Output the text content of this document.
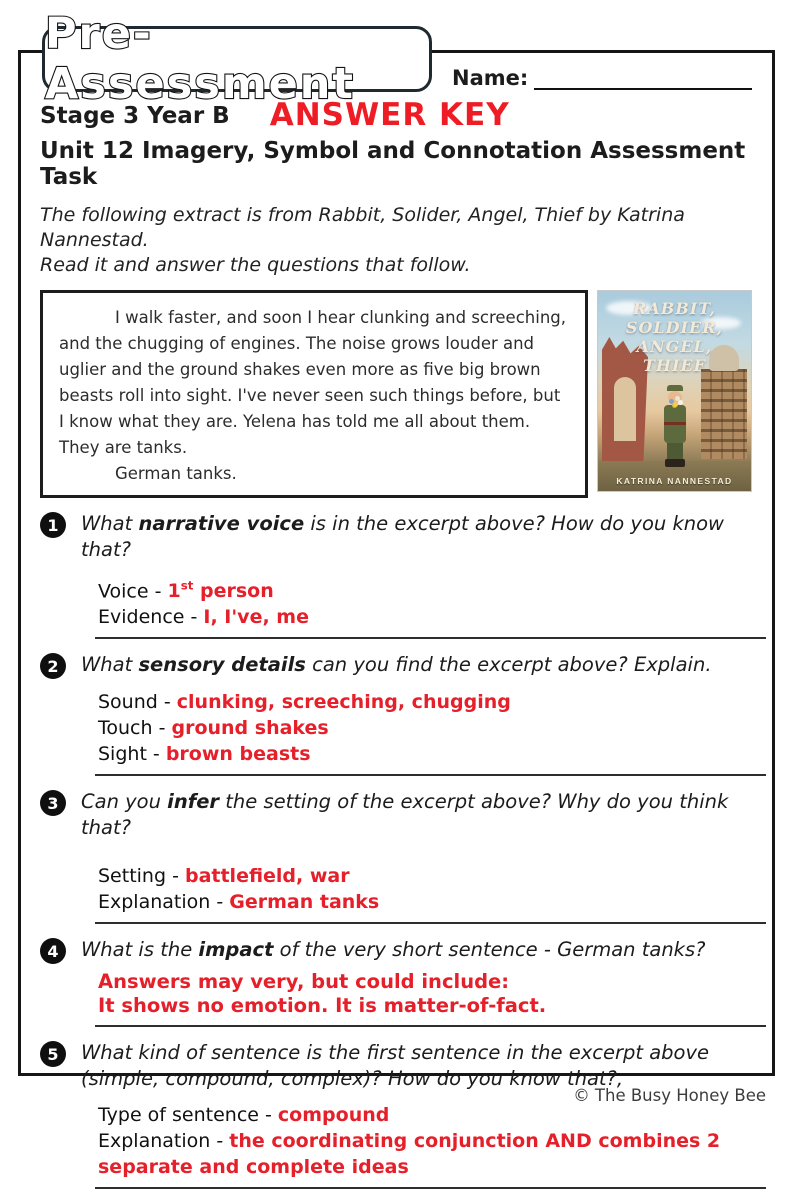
Pre-Assessment	Name:
Stage 3 Year B ANSWER KEY
Unit 12 Imagery, Symbol and Connotation Assessment Task
The following extract is from Rabbit, Solider, Angel, Thief by Katrina Nannestad.
Read it and answer the questions that follow.

I walk faster, and soon I hear clunking and screeching, and the chugging of engines. The noise grows louder and uglier and the ground shakes even more as five big brown beasts roll into sight. I've never seen such things before, but I know what they are. Yelena has told me all about them. They are tanks.

German tanks.

RABBIT,
SOLDIER,
ANGEL,
THIEF
KATRINA NANNESTAD
1	What narrative voice is in the excerpt above? How do you know that?
Voice - 1st person
Evidence - I, I've, me
2	What sensory details can you find the excerpt above? Explain.
Sound - clunking, screeching, chugging
Touch - ground shakes
Sight - brown beasts
3	Can you infer the setting of the excerpt above? Why do you think that?
Setting - battlefield, war
Explanation - German tanks
4	What is the impact of the very short sentence - German tanks?
Answers may very, but could include:
It shows no emotion. It is matter-of-fact.
5	What kind of sentence is the first sentence in the excerpt above (simple, compound, complex)? How do you know that?,
Type of sentence - compound
Explanation - the coordinating conjunction AND combines 2 separate and complete ideas
© The Busy Honey Bee
